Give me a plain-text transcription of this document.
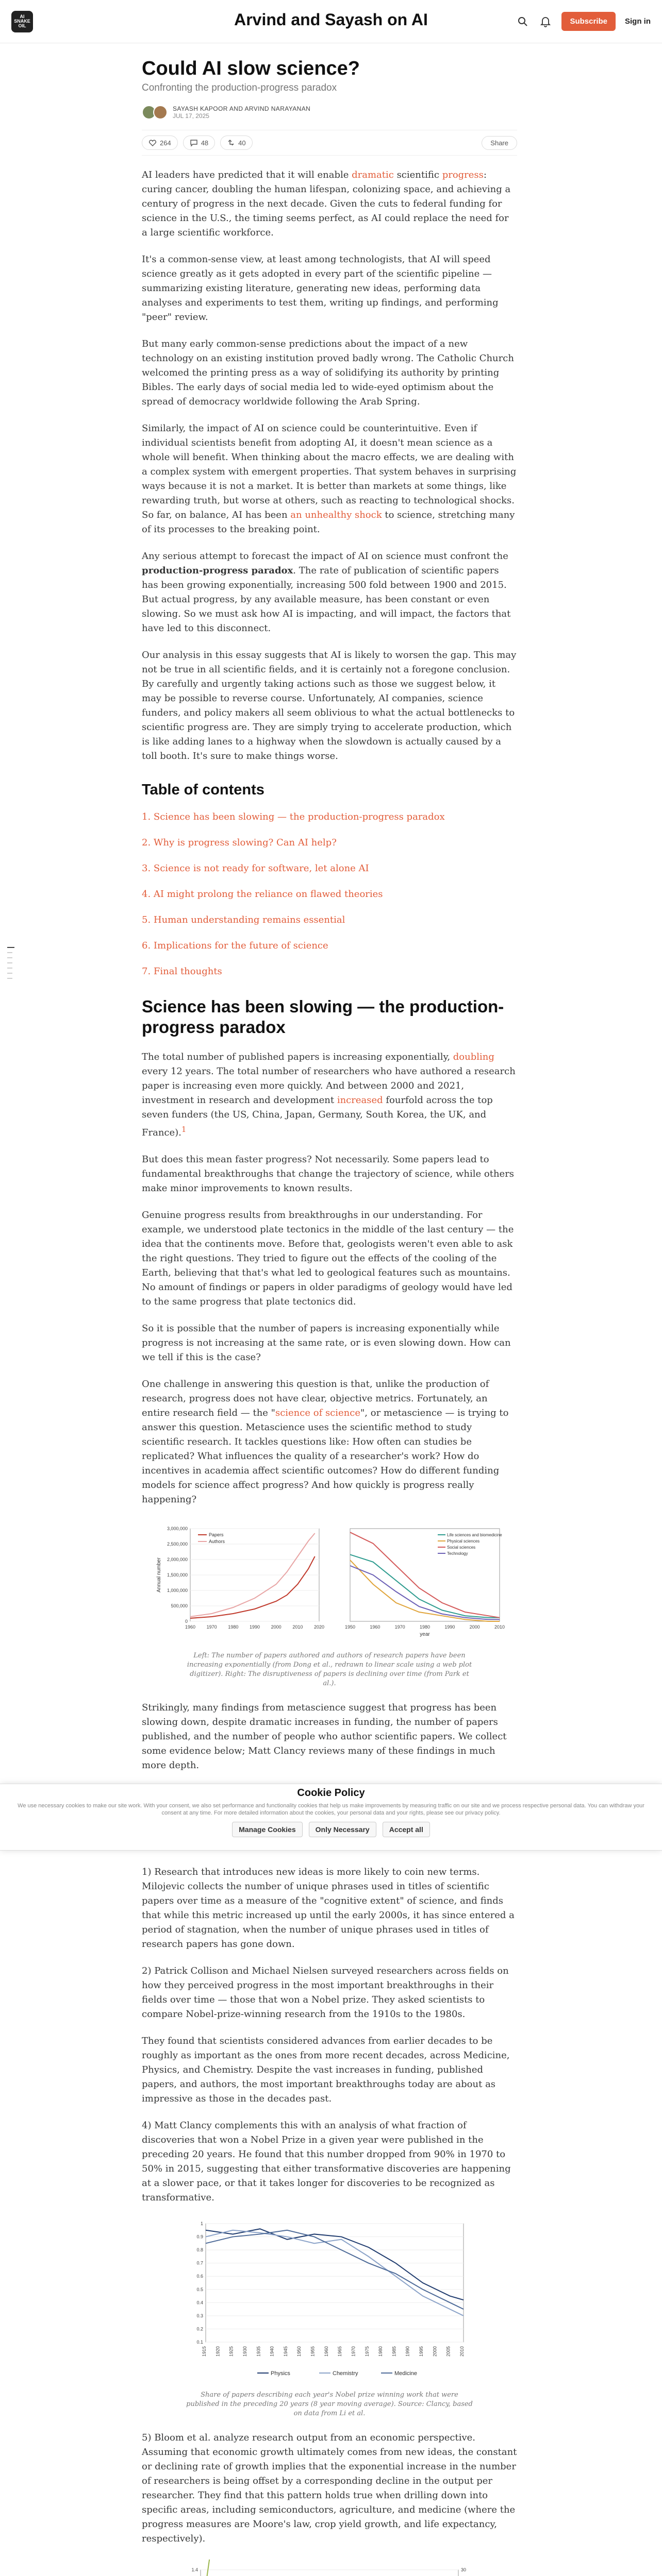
AI SNAKE OIL	Arvind and Sayash on AI	Subscribe	Sign in
Could AI slow science?
Confronting the production-progress paradox
SAYASH KAPOOR AND ARVIND NARAYANAN
JUL 17, 2025
264	48	40	Share

AI leaders have predicted that it will enable dramatic scientific progress: curing cancer, doubling the human lifespan, colonizing space, and achieving a century of progress in the next decade. Given the cuts to federal funding for science in the U.S., the timing seems perfect, as AI could replace the need for a large scientific workforce.

It's a common-sense view, at least among technologists, that AI will speed science greatly as it gets adopted in every part of the scientific pipeline — summarizing existing literature, generating new ideas, performing data analyses and experiments to test them, writing up findings, and performing "peer" review.

But many early common-sense predictions about the impact of a new technology on an existing institution proved badly wrong. The Catholic Church welcomed the printing press as a way of solidifying its authority by printing Bibles. The early days of social media led to wide-eyed optimism about the spread of democracy worldwide following the Arab Spring.

Similarly, the impact of AI on science could be counterintuitive. Even if individual scientists benefit from adopting AI, it doesn't mean science as a whole will benefit. When thinking about the macro effects, we are dealing with a complex system with emergent properties. That system behaves in surprising ways because it is not a market. It is better than markets at some things, like rewarding truth, but worse at others, such as reacting to technological shocks. So far, on balance, AI has been an unhealthy shock to science, stretching many of its processes to the breaking point.

Any serious attempt to forecast the impact of AI on science must confront the production-progress paradox. The rate of publication of scientific papers has been growing exponentially, increasing 500 fold between 1900 and 2015. But actual progress, by any available measure, has been constant or even slowing. So we must ask how AI is impacting, and will impact, the factors that have led to this disconnect.

Our analysis in this essay suggests that AI is likely to worsen the gap. This may not be true in all scientific fields, and it is certainly not a foregone conclusion. By carefully and urgently taking actions such as those we suggest below, it may be possible to reverse course. Unfortunately, AI companies, science funders, and policy makers all seem oblivious to what the actual bottlenecks to scientific progress are. They are simply trying to accelerate production, which is like adding lanes to a highway when the slowdown is actually caused by a toll booth. It's sure to make things worse.

Table of contents
1. Science has been slowing — the production-progress paradox
2. Why is progress slowing? Can AI help?
3. Science is not ready for software, let alone AI
4. AI might prolong the reliance on flawed theories
5. Human understanding remains essential
6. Implications for the future of science
7. Final thoughts
Science has been slowing — the production-progress paradox

The total number of published papers is increasing exponentially, doubling every 12 years. The total number of researchers who have authored a research paper is increasing even more quickly. And between 2000 and 2021, investment in research and development increased fourfold across the top seven funders (the US, China, Japan, Germany, South Korea, the UK, and France).$^1$

But does this mean faster progress? Not necessarily. Some papers lead to fundamental breakthroughs that change the trajectory of science, while others make minor improvements to known results.

Genuine progress results from breakthroughs in our understanding. For example, we understood plate tectonics in the middle of the last century — the idea that the continents move. Before that, geologists weren't even able to ask the right questions. They tried to figure out the effects of the cooling of the Earth, believing that that's what led to geological features such as mountains. No amount of findings or papers in older paradigms of geology would have led to the same progress that plate tectonics did.

So it is possible that the number of papers is increasing exponentially while progress is not increasing at the same rate, or is even slowing down. How can we tell if this is the case?

One challenge in answering this question is that, unlike the production of research, progress does not have clear, objective metrics. Fortunately, an entire research field — the "science of science", or metascience — is trying to answer this question. Metascience uses the scientific method to study scientific research. It tackles questions like: How often can studies be replicated? What influences the quality of a researcher's work? How do incentives in academia affect scientific outcomes? How do different funding models for science affect progress? And how quickly is progress really happening?

0
500,000
1,000,000
1,500,000
2,000,000
2,500,000
3,000,000
1960 1970 1980 1990 2000 2010 2020
Annual number
Papers
Authors
1950	1960	1970	1980	1990	2000	2010
year
Life sciences and biomedicine
Physical sciences
Social sciences
Technology
Left: The number of papers authored and authors of research papers have been increasing exponentially (from Dong et al., redrawn to linear scale using a web plot digitizer). Right: The disruptiveness of papers is declining over time (from Park et al.).

Strikingly, many findings from metascience suggest that progress has been slowing down, despite dramatic increases in funding, the number of papers published, and the number of people who author scientific papers. We collect some evidence below; Matt Clancy reviews many of these findings in much more depth.

Cookie Policy
We use necessary cookies to make our site work. With your consent, we also set performance and functionality cookies that help us make improvements by measuring traffic on our site and we process respective personal data. You can withdraw your consent at any time. For more detailed information about the cookies, your personal data and your rights, please see our privacy policy.
Manage Cookies	Only Necessary	Accept all

1) Research that introduces new ideas is more likely to coin new terms. Milojevic collects the number of unique phrases used in titles of scientific papers over time as a measure of the "cognitive extent" of science, and finds that while this metric increased up until the early 2000s, it has since entered a period of stagnation, when the number of unique phrases used in titles of research papers has gone down.

2) Patrick Collison and Michael Nielsen surveyed researchers across fields on how they perceived progress in the most important breakthroughs in their fields over time — those that won a Nobel prize. They asked scientists to compare Nobel-prize-winning research from the 1910s to the 1980s.

They found that scientists considered advances from earlier decades to be roughly as important as the ones from more recent decades, across Medicine, Physics, and Chemistry. Despite the vast increases in funding, published papers, and authors, the most important breakthroughs today are about as impressive as those in the decades past.

4) Matt Clancy complements this with an analysis of what fraction of discoveries that won a Nobel Prize in a given year were published in the preceding 20 years. He found that this number dropped from 90% in 1970 to 50% in 2015, suggesting that either transformative discoveries are happening at a slower pace, or that it takes longer for discoveries to be recognized as transformative.

1
0.9
0.8
0.7
0.6
0.5
0.4
0.3
0.2
0.1
1915 1920 1925 1930 1935 1940 1945 1950 1955 1960 1965 1970 1975 1980 1985 1990 1995 2000 2005 2010
Physics	Chemistry	Medicine
Share of papers describing each year's Nobel prize winning work that were published in the preceding 20 years (8 year moving average). Source: Clancy, based on data from Li et al.

5) Bloom et al. analyze research output from an economic perspective. Assuming that economic growth ultimately comes from new ideas, the constant or declining rate of growth implies that the exponential increase in the number of researchers is being offset by a corresponding decline in the output per researcher. They find that this pattern holds true when drilling down into specific areas, including semiconductors, agriculture, and medicine (where the progress measures are Moore's law, crop yield growth, and life expectancy, respectively).

1.4	30
